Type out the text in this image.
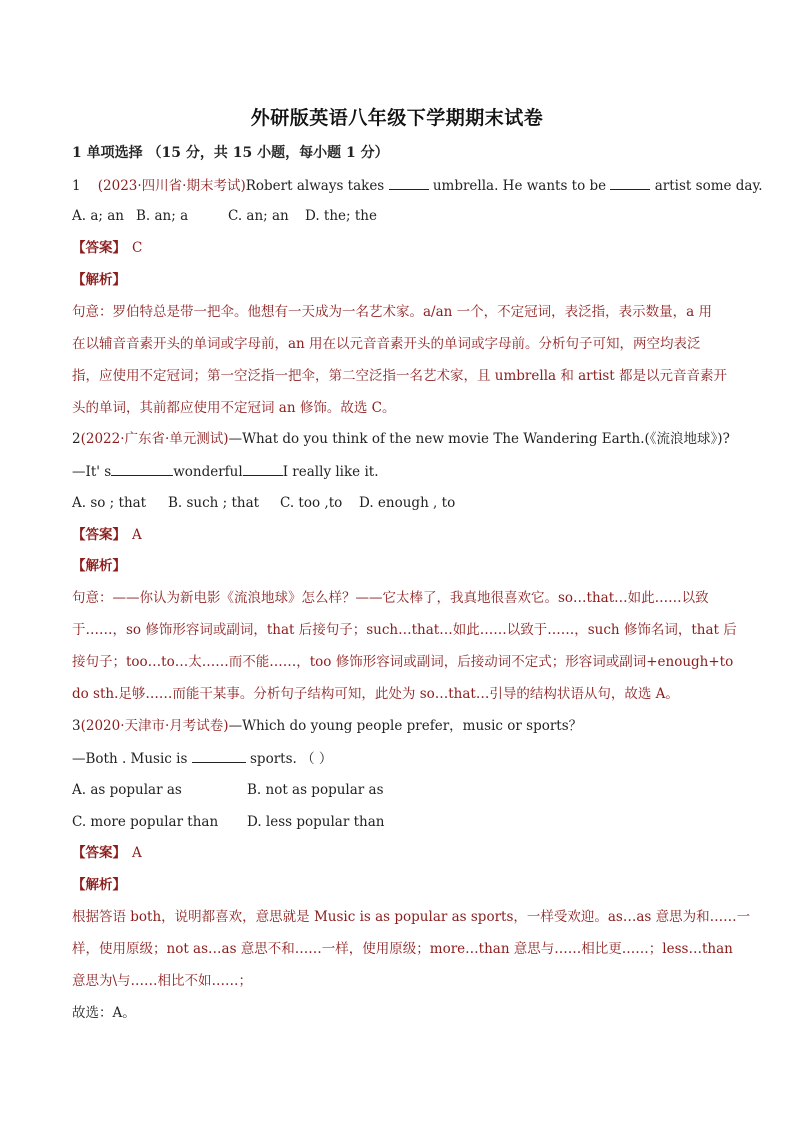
外研版英语八年级下学期期末试卷
1 单项选择 （15 分，共 15 小题，每小题 1 分）
1 (2023·四川省·期末考试)Robert always takes	umbrella. He wants to be	artist some day.
A. a; an B. an; a	C. an; an D. the; the
【答案】 C
【解析】
句意：罗伯特总是带一把伞。他想有一天成为一名艺术家。a/an 一个，不定冠词，表泛指，表示数量，a 用
在以辅音音素开头的单词或字母前，an 用在以元音音素开头的单词或字母前。分析句子可知，两空均表泛
指，应使用不定冠词；第一空泛指一把伞，第二空泛指一名艺术家，且 umbrella 和 artist 都是以元音音素开
头的单词，其前都应使用不定冠词 an 修饰。故选 C。
2(2022·广东省·单元测试)—What do you think of the new movie The Wandering Earth.(《流浪地球》)?
—It' s	wonderful	I really like it.
A. so ; that B. such ; that C. too ,to D. enough , to
【答案】 A
【解析】
句意：——你认为新电影《流浪地球》怎么样？——它太棒了，我真地很喜欢它。so…that…如此……以致
于……，so 修饰形容词或副词，that 后接句子；such…that…如此……以致于……，such 修饰名词，that 后
接句子；too…to…太……而不能……，too 修饰形容词或副词，后接动词不定式；形容词或副词+enough+to
do sth.足够……而能干某事。分析句子结构可知，此处为 so…that…引导的结构状语从句，故选 A。
3(2020·天津市·月考试卷)—Which do young people prefer，music or sports？
—Both . Music is	sports. （ ）
A. as popular as	B. not as popular as
C. more popular than D. less popular than
【答案】 A
【解析】
根据答语 both，说明都喜欢，意思就是 Music is as popular as sports，一样受欢迎。as…as 意思为和……一
样，使用原级；not as…as 意思不和……一样，使用原级；more…than 意思与……相比更……；less…than
意思为\与……相比不如……；
故选：A。
